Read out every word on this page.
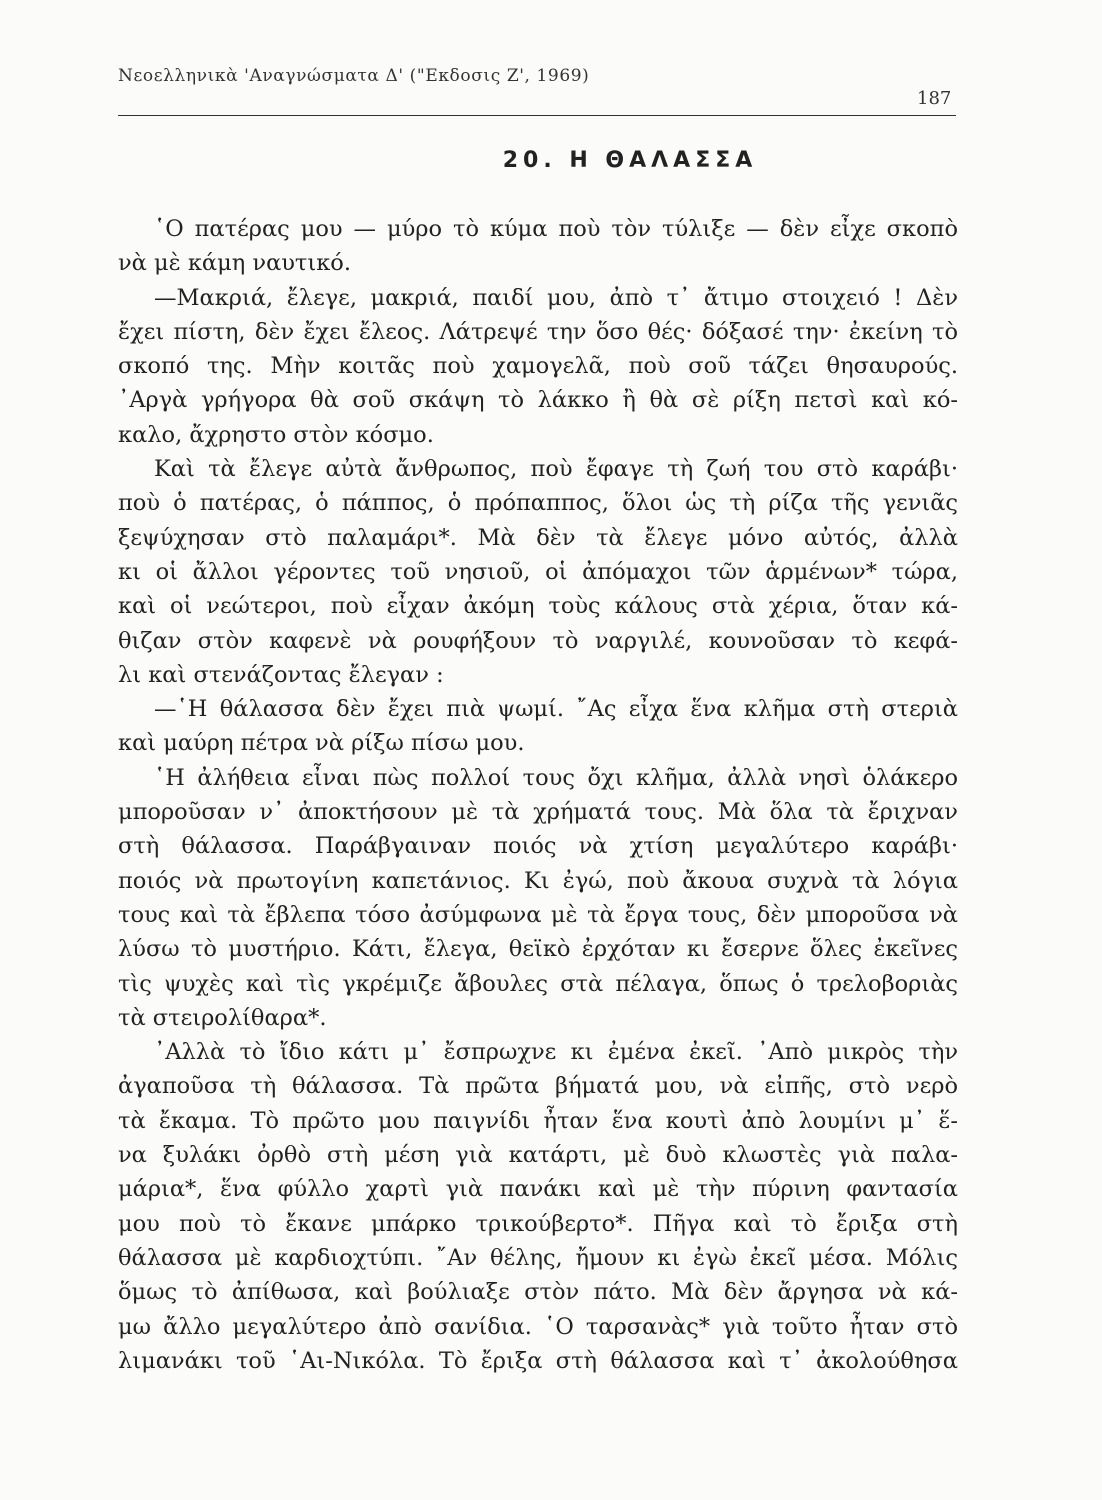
Νεοελληνικὰ 'Αναγνώσματα Δ' ("Εκδοσις Ζ', 1969)
187
20. Η ΘΑΛΑΣΣΑ
῾Ο πατέρας μου — μύρο τὸ κύμα ποὺ τὸν τύλιξε — δὲν εἶχε σκοπὸ
νὰ μὲ κάμη ναυτικό.
—Μακριά, ἔλεγε, μακριά, παιδί μου, ἀπὸ τ᾽ ἄτιμο στοιχειό ! Δὲν
ἔχει πίστη, δὲν ἔχει ἔλεος. Λάτρεψέ την ὅσο θές· δόξασέ την· ἐκείνη τὸ
σκοπό της. Μὴν κοιτᾶς ποὺ χαμογελᾶ, ποὺ σοῦ τάζει θησαυρούς.
᾽Αργὰ γρήγορα θὰ σοῦ σκάψη τὸ λάκκο ἢ θὰ σὲ ρίξη πετσὶ καὶ κό-
καλο, ἄχρηστο στὸν κόσμο.
Καὶ τὰ ἔλεγε αὐτὰ ἄνθρωπος, ποὺ ἔφαγε τὴ ζωή του στὸ καράβι·
ποὺ ὁ πατέρας, ὁ πάππος, ὁ πρόπαππος, ὅλοι ὡς τὴ ρίζα τῆς γενιᾶς
ξεψύχησαν στὸ παλαμάρι*. Μὰ δὲν τὰ ἔλεγε μόνο αὐτός, ἀλλὰ
κι οἱ ἄλλοι γέροντες τοῦ νησιοῦ, οἱ ἀπόμαχοι τῶν ἁρμένων* τώρα,
καὶ οἱ νεώτεροι, ποὺ εἶχαν ἀκόμη τοὺς κάλους στὰ χέρια, ὅταν κά-
θιζαν στὸν καφενὲ νὰ ρουφήξουν τὸ ναργιλέ, κουνοῦσαν τὸ κεφά-
λι καὶ στενάζοντας ἔλεγαν :
—῾Η θάλασσα δὲν ἔχει πιὰ ψωμί. ῎Ας εἶχα ἕνα κλῆμα στὴ στεριὰ
καὶ μαύρη πέτρα νὰ ρίξω πίσω μου.
῾Η ἀλήθεια εἶναι πὼς πολλοί τους ὄχι κλῆμα, ἀλλὰ νησὶ ὁλάκερο
μποροῦσαν ν᾽ ἀποκτήσουν μὲ τὰ χρήματά τους. Μὰ ὅλα τὰ ἔριχναν
στὴ θάλασσα. Παράβγαιναν ποιός νὰ χτίση μεγαλύτερο καράβι·
ποιός νὰ πρωτογίνη καπετάνιος. Κι ἐγώ, ποὺ ἄκουα συχνὰ τὰ λόγια
τους καὶ τὰ ἔβλεπα τόσο ἀσύμφωνα μὲ τὰ ἔργα τους, δὲν μποροῦσα νὰ
λύσω τὸ μυστήριο. Κάτι, ἔλεγα, θεϊκὸ ἐρχόταν κι ἔσερνε ὅλες ἐκεῖνες
τὶς ψυχὲς καὶ τὶς γκρέμιζε ἄβουλες στὰ πέλαγα, ὅπως ὁ τρελοβοριὰς
τὰ στειρολίθαρα*.
᾽Αλλὰ τὸ ἴδιο κάτι μ᾽ ἔσπρωχνε κι ἐμένα ἐκεῖ. ᾽Απὸ μικρὸς τὴν
ἀγαποῦσα τὴ θάλασσα. Τὰ πρῶτα βήματά μου, νὰ εἰπῆς, στὸ νερὸ
τὰ ἔκαμα. Τὸ πρῶτο μου παιγνίδι ἦταν ἕνα κουτὶ ἀπὸ λουμίνι μ᾽ ἕ-
να ξυλάκι ὀρθὸ στὴ μέση γιὰ κατάρτι, μὲ δυὸ κλωστὲς γιὰ παλα-
μάρια*, ἕνα φύλλο χαρτὶ γιὰ πανάκι καὶ μὲ τὴν πύρινη φαντασία
μου ποὺ τὸ ἔκανε μπάρκο τρικούβερτο*. Πῆγα καὶ τὸ ἔριξα στὴ
θάλασσα μὲ καρδιοχτύπι. ῎Αν θέλης, ἤμουν κι ἐγὼ ἐκεῖ μέσα. Μόλις
ὅμως τὸ ἀπίθωσα, καὶ βούλιαξε στὸν πάτο. Μὰ δὲν ἄργησα νὰ κά-
μω ἄλλο μεγαλύτερο ἀπὸ σανίδια. ῾Ο ταρσανὰς* γιὰ τοῦτο ἦταν στὸ
λιμανάκι τοῦ ῾Αι-Νικόλα. Τὸ ἔριξα στὴ θάλασσα καὶ τ᾽ ἀκολούθησα
